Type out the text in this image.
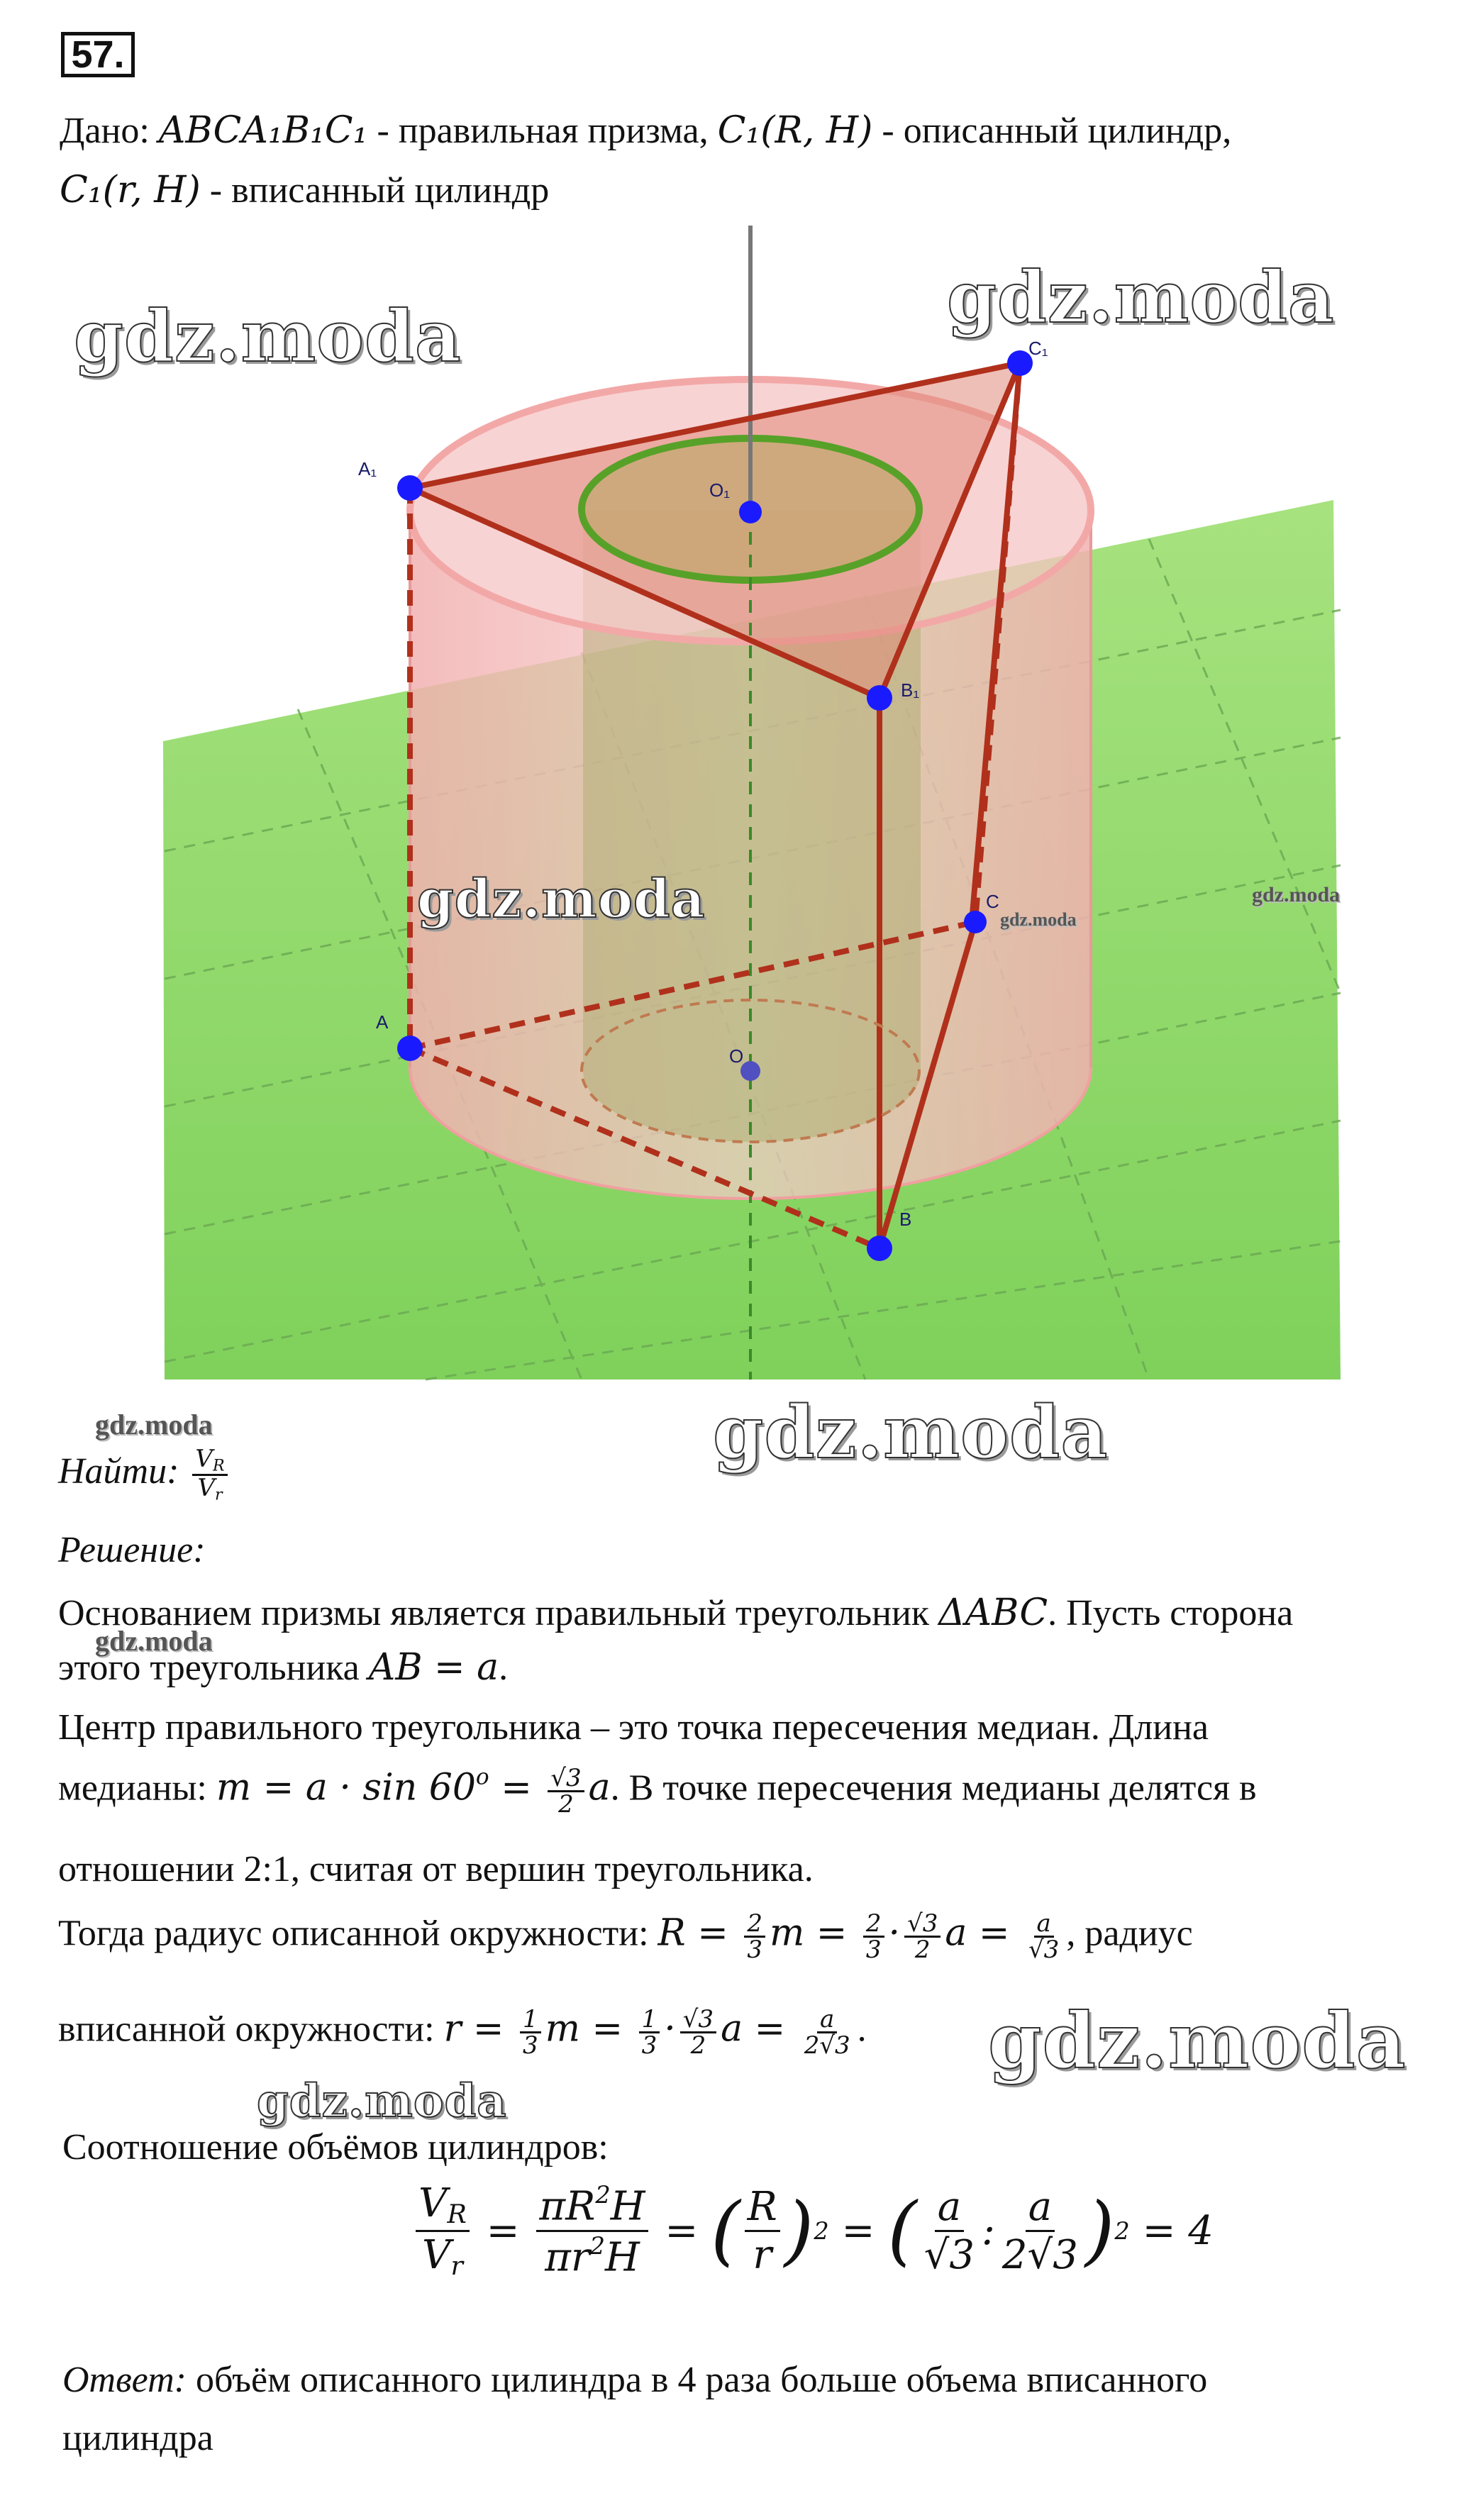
57.
Дано: ABCA₁B₁C₁ - правильная призма, C₁(R, H) - описанный цилиндр,
C₁(r, H) - вписанный цилиндр
A₁
C₁
B₁
O₁
A
C
O
B
gdz.moda	gdz.moda
gdz.moda	gdz.moda
gdz.moda
gdz.moda
gdz.moda
gdz.moda
gdz.moda
gdz.moda
Найти: $\frac{V_R}{V_r}$
Решение:
Основанием призмы является правильный треугольник ΔABC. Пусть сторона
этого треугольника AB = a.
Центр правильного треугольника – это точка пересечения медиан. Длина
медианы: $m = a \cdot \sin 60^o = \frac{√3}{2} a$. В точке пересечения медианы делятся в
отношении 2:1, считая от вершин треугольника.
Тогда радиус описанной окружности: $R = \frac{2}{3}$ $m = \frac{2}{3} \cdot \frac{√3}{2}$ $a = \frac{a}{√3}$ , радиус
вписанной окружности: $r = \frac{1}{3}$ $m = \frac{1}{3} \cdot \frac{√3}{2}$ $a = \frac{a}{2√3}$ .
Соотношение объёмов цилиндров:
$\frac{V_R}{V_r} = \frac{\pi R^2H}{\pi r^2H}$ = ( $\frac{R}{r}$ ) 2 = ( $\frac{a}{√3}$ : $\frac{a}{2√3}$ ) 2 = 4
Ответ: объём описанного цилиндра в 4 раза больше объема вписанного
цилиндра
